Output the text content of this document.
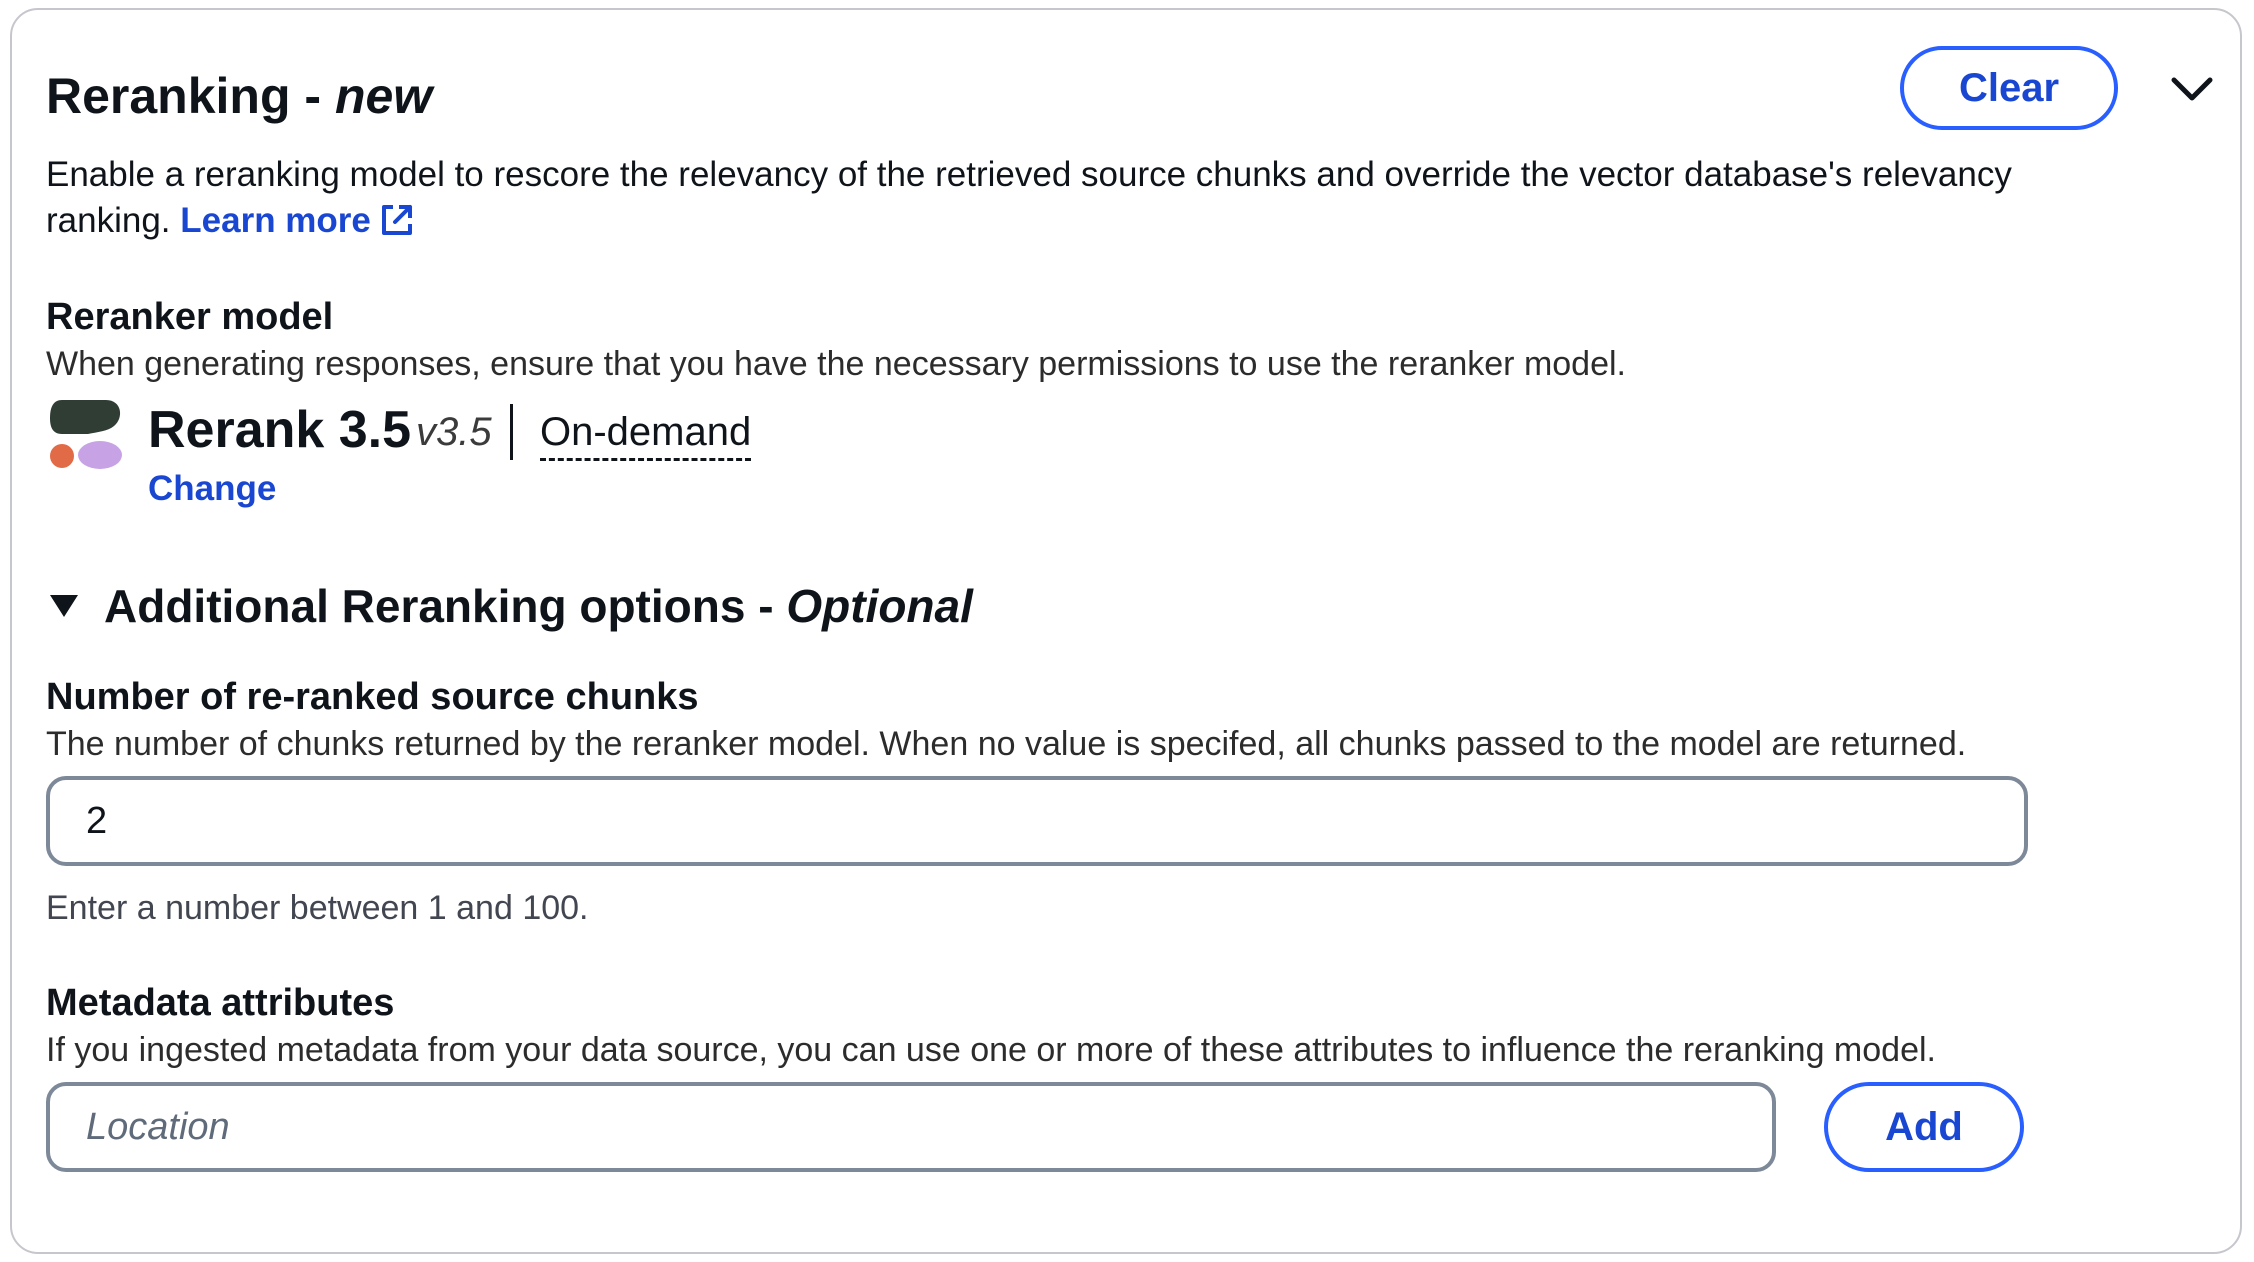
Reranking - new	Clear
Enable a reranking model to rescore the relevancy of the retrieved source chunks and override the vector database's relevancy ranking. Learn more
Reranker model
When generating responses, ensure that you have the necessary permissions to use the reranker model.
Rerank 3.5 v3.5 On-demand
Change
Additional Reranking options - Optional
Number of re-ranked source chunks
The number of chunks returned by the reranker model. When no value is specifed, all chunks passed to the model are returned.
2
Enter a number between 1 and 100.
Metadata attributes
If you ingested metadata from your data source, you can use one or more of these attributes to influence the reranking model.
Location	Add
